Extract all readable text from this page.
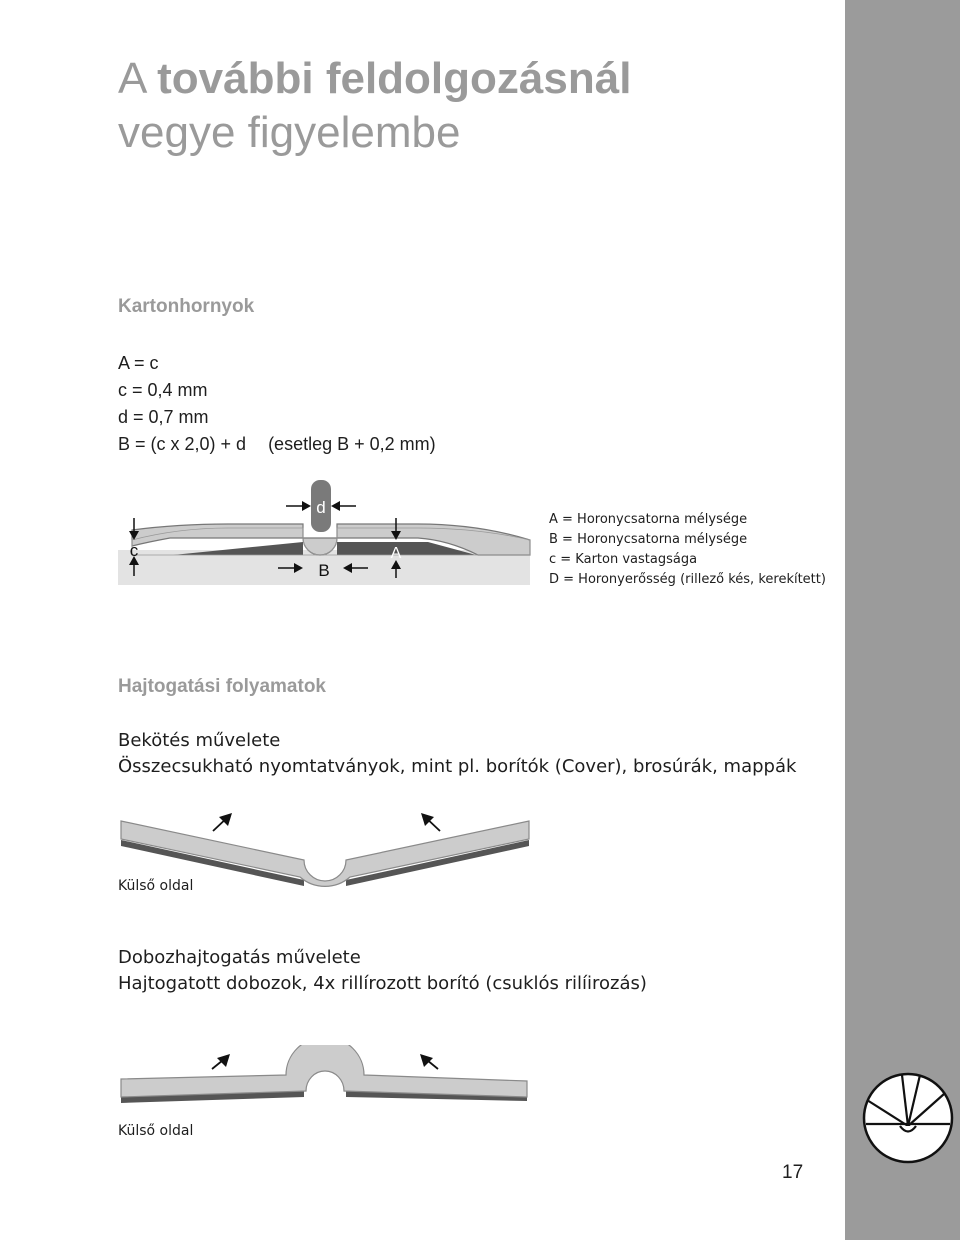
A további feldolgozásnál
vegye figyelembe
Kartonhornyok
A = c
c = 0,4 mm
d = 0,7 mm
B = (c x 2,0) + d (esetleg B + 0,2 mm)
d
c
B
A
A = Horonycsatorna mélysége
B = Horonycsatorna mélysége
c = Karton vastagsága
D = Horonyerősség (rillező kés, kerekített)
Hajtogatási folyamatok
Bekötés művelete
Összecsukható nyomtatványok, mint pl. borítók (Cover), brosúrák, mappák
Külső oldal
Dobozhajtogatás művelete
Hajtogatott dobozok, 4x rillírozott borító (csuklós rilíirozás)
Külső oldal
17
